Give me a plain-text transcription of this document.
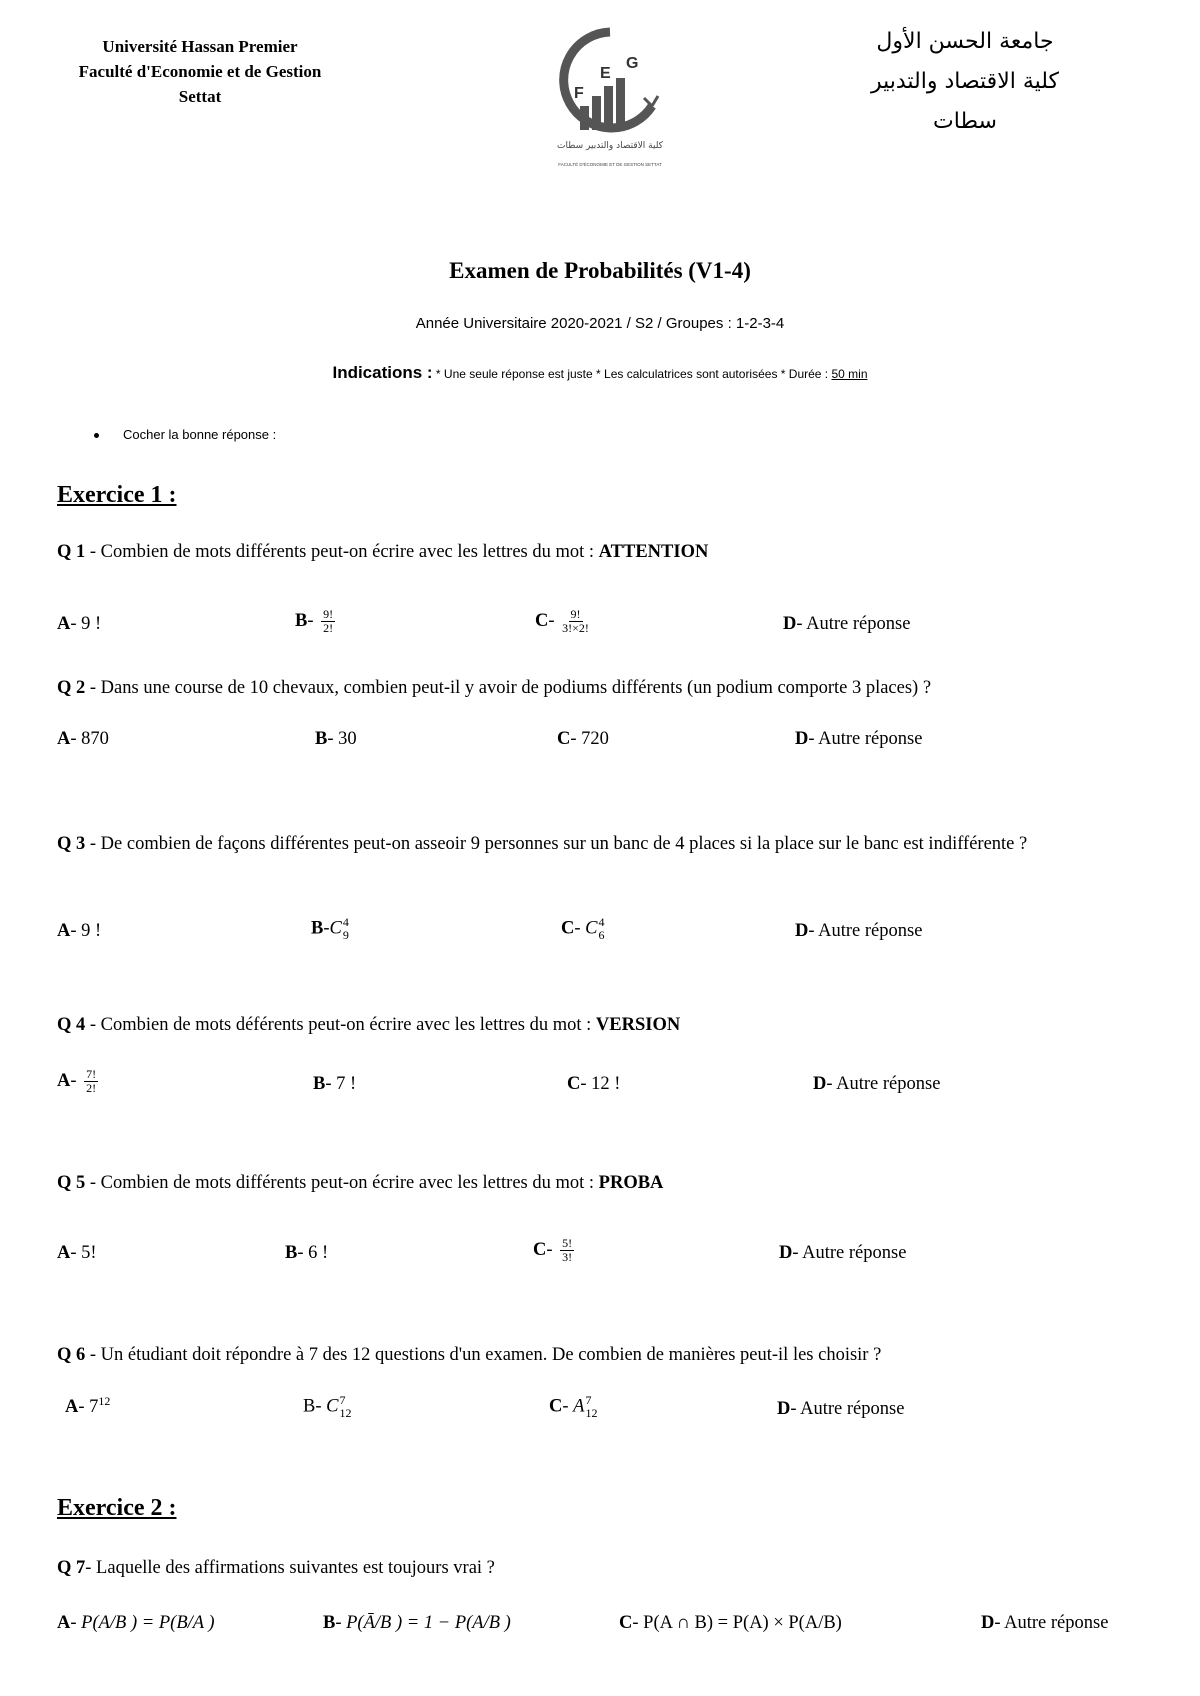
Université Hassan Premier
Faculté d'Economie et de Gestion
Settat	F
E
G
كلية الاقتصاد والتدبير سطات
FACULTÉ D'ÉCONOMIE ET DE GESTION SETTAT
جامعة الحسن الأول
كلية الاقتصاد والتدبير
سطات
Examen de Probabilités (V1-4)
Année Universitaire 2020-2021 / S2 / Groupes : 1-2-3-4
Indications : * Une seule réponse est juste * Les calculatrices sont autorisées * Durée : 50 min
Cocher la bonne réponse :
Exercice 1 :
Q 1 - Combien de mots différents peut-on écrire avec les lettres du mot : ATTENTION
A- 9 !	$B- \frac{9!}{2!}$	$C- \frac{9!}{3!\times 2!}$	D- Autre réponse
Q 2 - Dans une course de 10 chevaux, combien peut-il y avoir de podiums différents (un podium comporte 3 places) ?
A- 870	B- 30	C- 720	D- Autre réponse
Q 3 - De combien de façons différentes peut-on asseoir 9 personnes sur un banc de 4 places si la place sur le banc est indifférente ?
A- 9 !	B-C 4
9	C- C 4
6	D- Autre réponse
Q 4 - Combien de mots déférents peut-on écrire avec les lettres du mot : VERSION
$A- \frac{7!}{2!}$	B- 7 !	C- 12 !	D- Autre réponse
Q 5 - Combien de mots différents peut-on écrire avec les lettres du mot : PROBA
A- 5!	B- 6 !	$C- \frac{5!}{3!}$	D- Autre réponse
Q 6 - Un étudiant doit répondre à 7 des 12 questions d'un examen. De combien de manières peut-il les choisir ?
A- $7^{12}$	B- C 7
12	C- A 7
12	D- Autre réponse
Exercice 2 :
Q 7- Laquelle des affirmations suivantes est toujours vrai ?
A- P(A/B ) = P(B/A )	B- P(Ā/B ) = 1 − P(A/B )	C- P(A ∩ B) = P(A) × P(A/B)	D- Autre réponse
